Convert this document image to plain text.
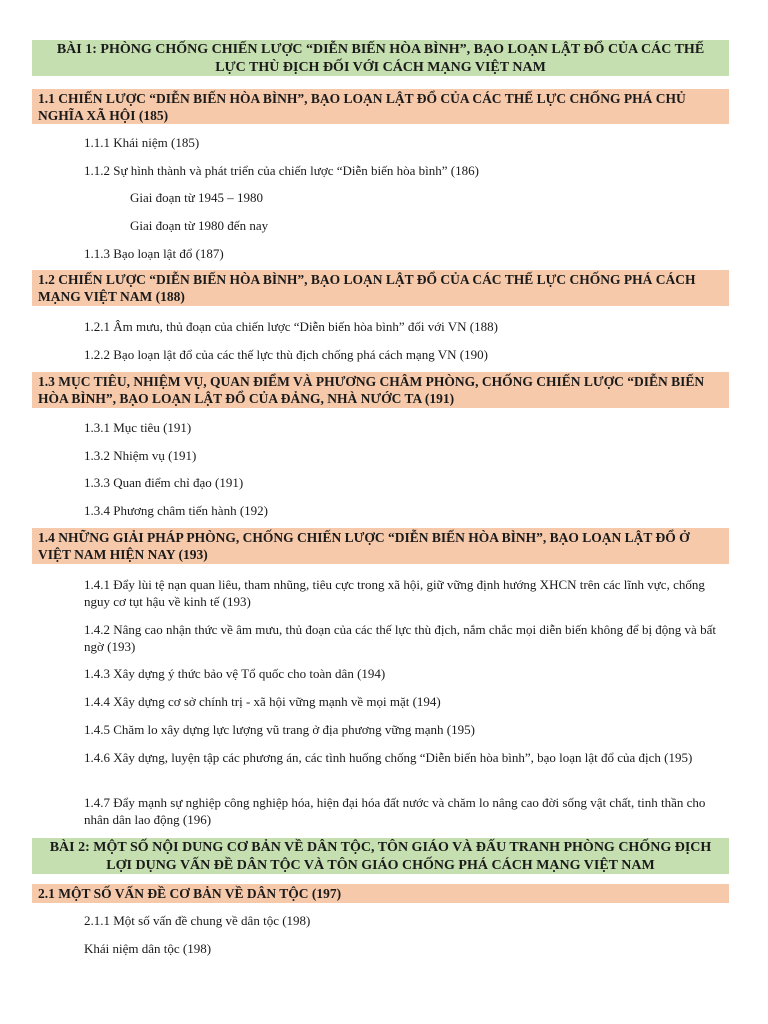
BÀI 1: PHÒNG CHỐNG CHIẾN LƯỢC “DIỄN BIẾN HÒA BÌNH”, BẠO LOẠN LẬT ĐỔ CỦA CÁC THẾ LỰC THÙ ĐỊCH ĐỐI VỚI CÁCH MẠNG VIỆT NAM
1.1 CHIẾN LƯỢC “DIỄN BIẾN HÒA BÌNH”, BẠO LOẠN LẬT ĐỔ CỦA CÁC THẾ LỰC CHỐNG PHÁ CHỦ NGHĨA XÃ HỘI (185)
1.1.1 Khái niệm (185)
1.1.2 Sự hình thành và phát triển của chiến lược “Diễn biến hòa bình” (186)
Giai đoạn từ 1945 – 1980
Giai đoạn từ 1980 đến nay
1.1.3 Bạo loạn lật đổ (187)
1.2 CHIẾN LƯỢC “DIỄN BIẾN HÒA BÌNH”, BẠO LOẠN LẬT ĐỔ CỦA CÁC THẾ LỰC CHỐNG PHÁ CÁCH MẠNG VIỆT NAM (188)
1.2.1 Âm mưu, thủ đoạn của chiến lược “Diễn biến hòa bình” đối với VN (188)
1.2.2 Bạo loạn lật đổ của các thế lực thù địch chống phá cách mạng VN (190)
1.3 MỤC TIÊU, NHIỆM VỤ, QUAN ĐIỂM VÀ PHƯƠNG CHÂM PHÒNG, CHỐNG CHIẾN LƯỢC “DIỄN BIẾN HÒA BÌNH”, BẠO LOẠN LẬT ĐỔ CỦA ĐẢNG, NHÀ NƯỚC TA (191)
1.3.1 Mục tiêu (191)
1.3.2 Nhiệm vụ (191)
1.3.3 Quan điểm chỉ đạo (191)
1.3.4 Phương châm tiến hành (192)
1.4 NHỮNG GIẢI PHÁP PHÒNG, CHỐNG CHIẾN LƯỢC “DIỄN BIẾN HÒA BÌNH”, BẠO LOẠN LẬT ĐỔ Ở VIỆT NAM HIỆN NAY (193)
1.4.1 Đẩy lùi tệ nạn quan liêu, tham nhũng, tiêu cực trong xã hội, giữ vững định hướng XHCN trên các lĩnh vực, chống nguy cơ tụt hậu về kinh tế (193)
1.4.2 Nâng cao nhận thức về âm mưu, thủ đoạn của các thế lực thù địch, nắm chắc mọi diễn biến không để bị động và bất ngờ (193)
1.4.3 Xây dựng ý thức bảo vệ Tổ quốc cho toàn dân (194)
1.4.4 Xây dựng cơ sở chính trị - xã hội vững mạnh về mọi mặt (194)
1.4.5 Chăm lo xây dựng lực lượng vũ trang ở địa phương vững mạnh (195)
1.4.6 Xây dựng, luyện tập các phương án, các tình huống chống “Diễn biến hòa bình”, bạo loạn lật đổ của địch (195)
1.4.7 Đẩy mạnh sự nghiệp công nghiệp hóa, hiện đại hóa đất nước và chăm lo nâng cao đời sống vật chất, tinh thần cho nhân dân lao động (196)
BÀI 2: MỘT SỐ NỘI DUNG CƠ BẢN VỀ DÂN TỘC, TÔN GIÁO VÀ ĐẤU TRANH PHÒNG CHỐNG ĐỊCH LỢI DỤNG VẤN ĐỀ DÂN TỘC VÀ TÔN GIÁO CHỐNG PHÁ CÁCH MẠNG VIỆT NAM
2.1 MỘT SỐ VẤN ĐỀ CƠ BẢN VỀ DÂN TỘC (197)
2.1.1 Một số vấn đề chung về dân tộc (198)
Khái niệm dân tộc (198)
